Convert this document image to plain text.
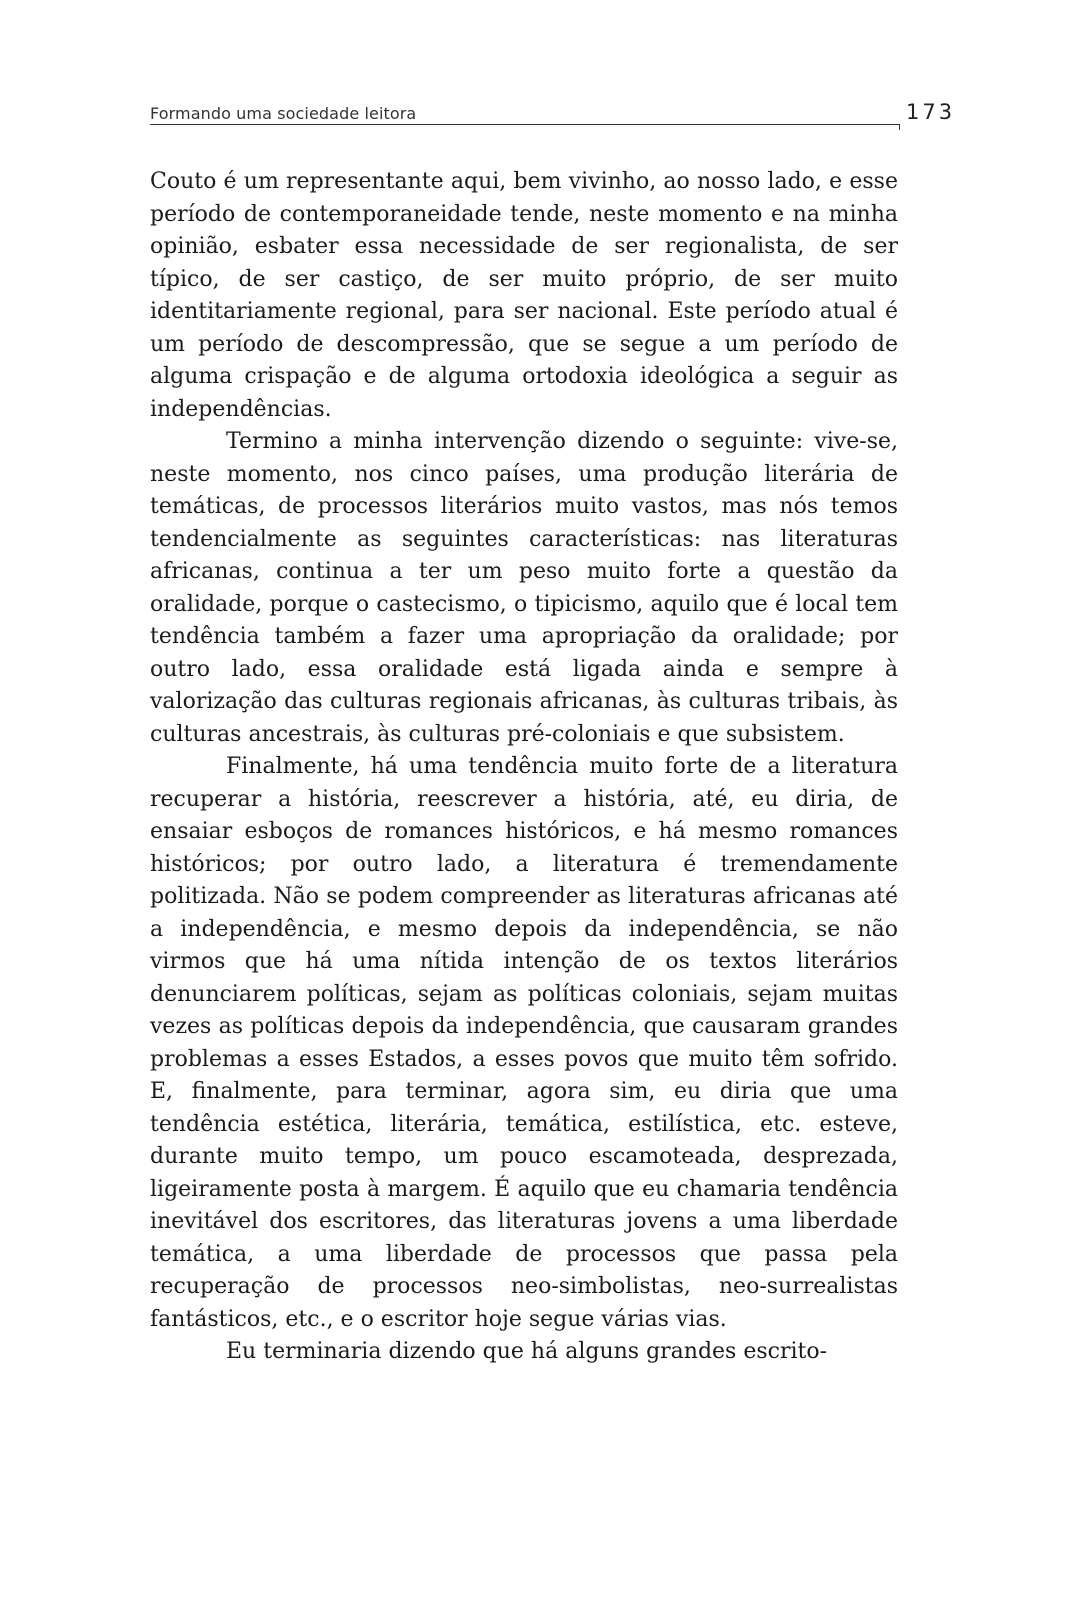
Formando uma sociedade leitora	173

Couto é um representante aqui, bem vivinho, ao nosso lado, e esse período de contemporaneidade tende, neste momento e na minha opinião, esbater essa necessidade de ser regionalista, de ser típico, de ser castiço, de ser muito próprio, de ser muito identitariamente regional, para ser nacional. Este período atual é um período de descompressão, que se segue a um período de alguma crispação e de alguma ortodoxia ideológica a seguir as independências.

Termino a minha intervenção dizendo o seguinte: vive-se, neste momento, nos cinco países, uma produção literária de temáticas, de processos literários muito vastos, mas nós temos tendencialmente as seguintes características: nas literaturas africanas, continua a ter um peso muito forte a questão da oralidade, porque o castecismo, o tipicismo, aquilo que é local tem tendência também a fazer uma apropriação da oralidade; por outro lado, essa oralidade está ligada ainda e sempre à valorização das culturas regionais africanas, às culturas tribais, às culturas ancestrais, às culturas pré-coloniais e que subsistem.

Finalmente, há uma tendência muito forte de a literatura recuperar a história, reescrever a história, até, eu diria, de ensaiar esboços de romances históricos, e há mesmo romances históricos; por outro lado, a literatura é tremendamente politizada. Não se podem compreender as literaturas africanas até a independência, e mesmo depois da independência, se não virmos que há uma nítida intenção de os textos literários denunciarem políticas, sejam as políticas coloniais, sejam muitas vezes as políticas depois da independência, que causaram grandes problemas a esses Estados, a esses povos que muito têm sofrido. E, finalmente, para terminar, agora sim, eu diria que uma tendência estética, literária, temática, estilística, etc. esteve, durante muito tempo, um pouco escamoteada, desprezada, ligeiramente posta à margem. É aquilo que eu chamaria tendência inevitável dos escritores, das literaturas jovens a uma liberdade temática, a uma liberdade de processos que passa pela recuperação de processos neo-simbolistas, neo-surrealistas fantásticos, etc., e o escritor hoje segue várias vias.

Eu terminaria dizendo que há alguns grandes escrito-
